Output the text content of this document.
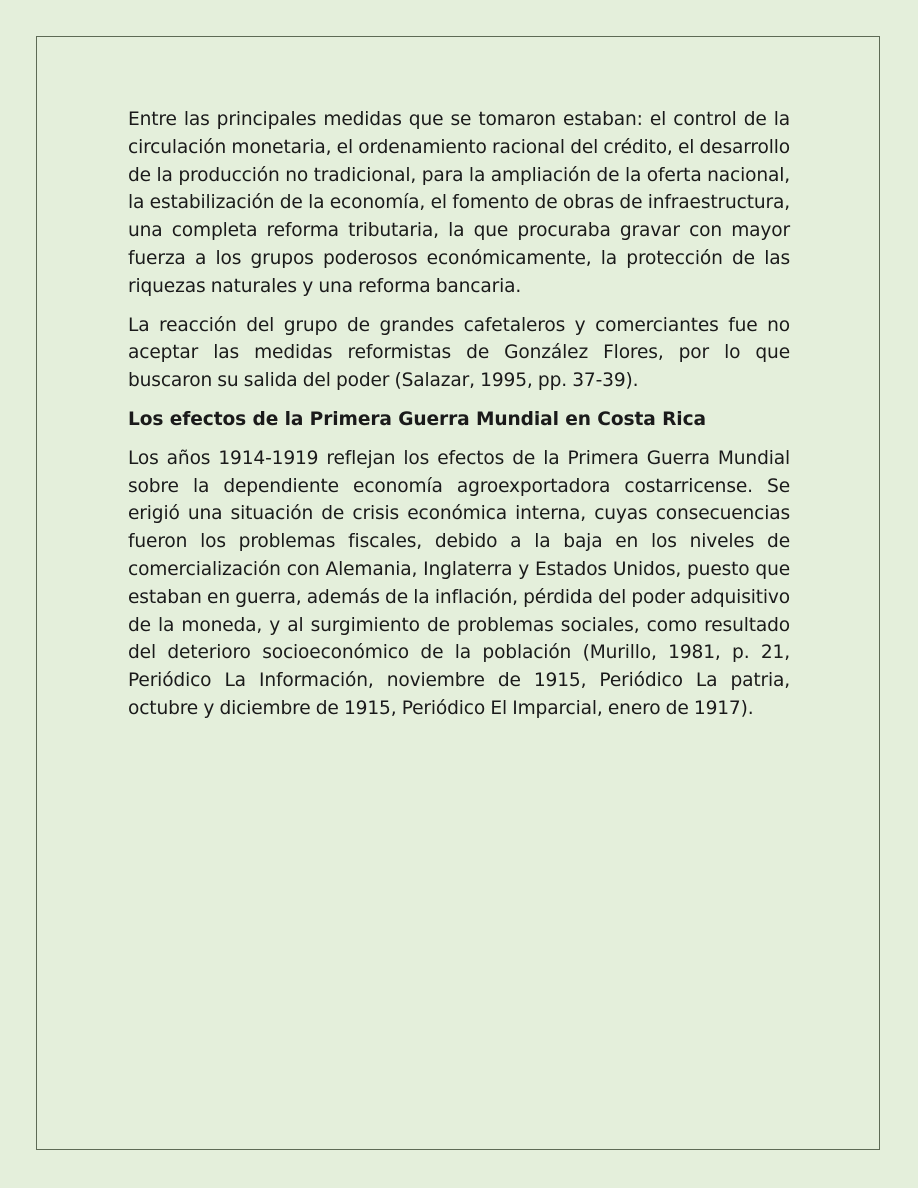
Entre las principales medidas que se tomaron estaban: el control de la circulación monetaria, el ordenamiento racional del crédito, el desarrollo de la producción no tradicional, para la ampliación de la oferta nacional, la estabilización de la economía, el fomento de obras de infraestructura, una completa reforma tributaria, la que procuraba gravar con mayor fuerza a los grupos poderosos económicamente, la protección de las riquezas naturales y una reforma bancaria.

La reacción del grupo de grandes cafetaleros y comerciantes fue no aceptar las medidas reformistas de González Flores, por lo que buscaron su salida del poder (Salazar, 1995, pp. 37-39).

Los efectos de la Primera Guerra Mundial en Costa Rica

Los años 1914-1919 reflejan los efectos de la Primera Guerra Mundial sobre la dependiente economía agroexportadora costarricense. Se erigió una situación de crisis económica interna, cuyas consecuencias fueron los problemas fiscales, debido a la baja en los niveles de comercialización con Alemania, Inglaterra y Estados Unidos, puesto que estaban en guerra, además de la inflación, pérdida del poder adquisitivo de la moneda, y al surgimiento de problemas sociales, como resultado del deterioro socioeconómico de la población (Murillo, 1981, p. 21, Periódico La Información, noviembre de 1915, Periódico La patria, octubre y diciembre de 1915, Periódico El Imparcial, enero de 1917).
